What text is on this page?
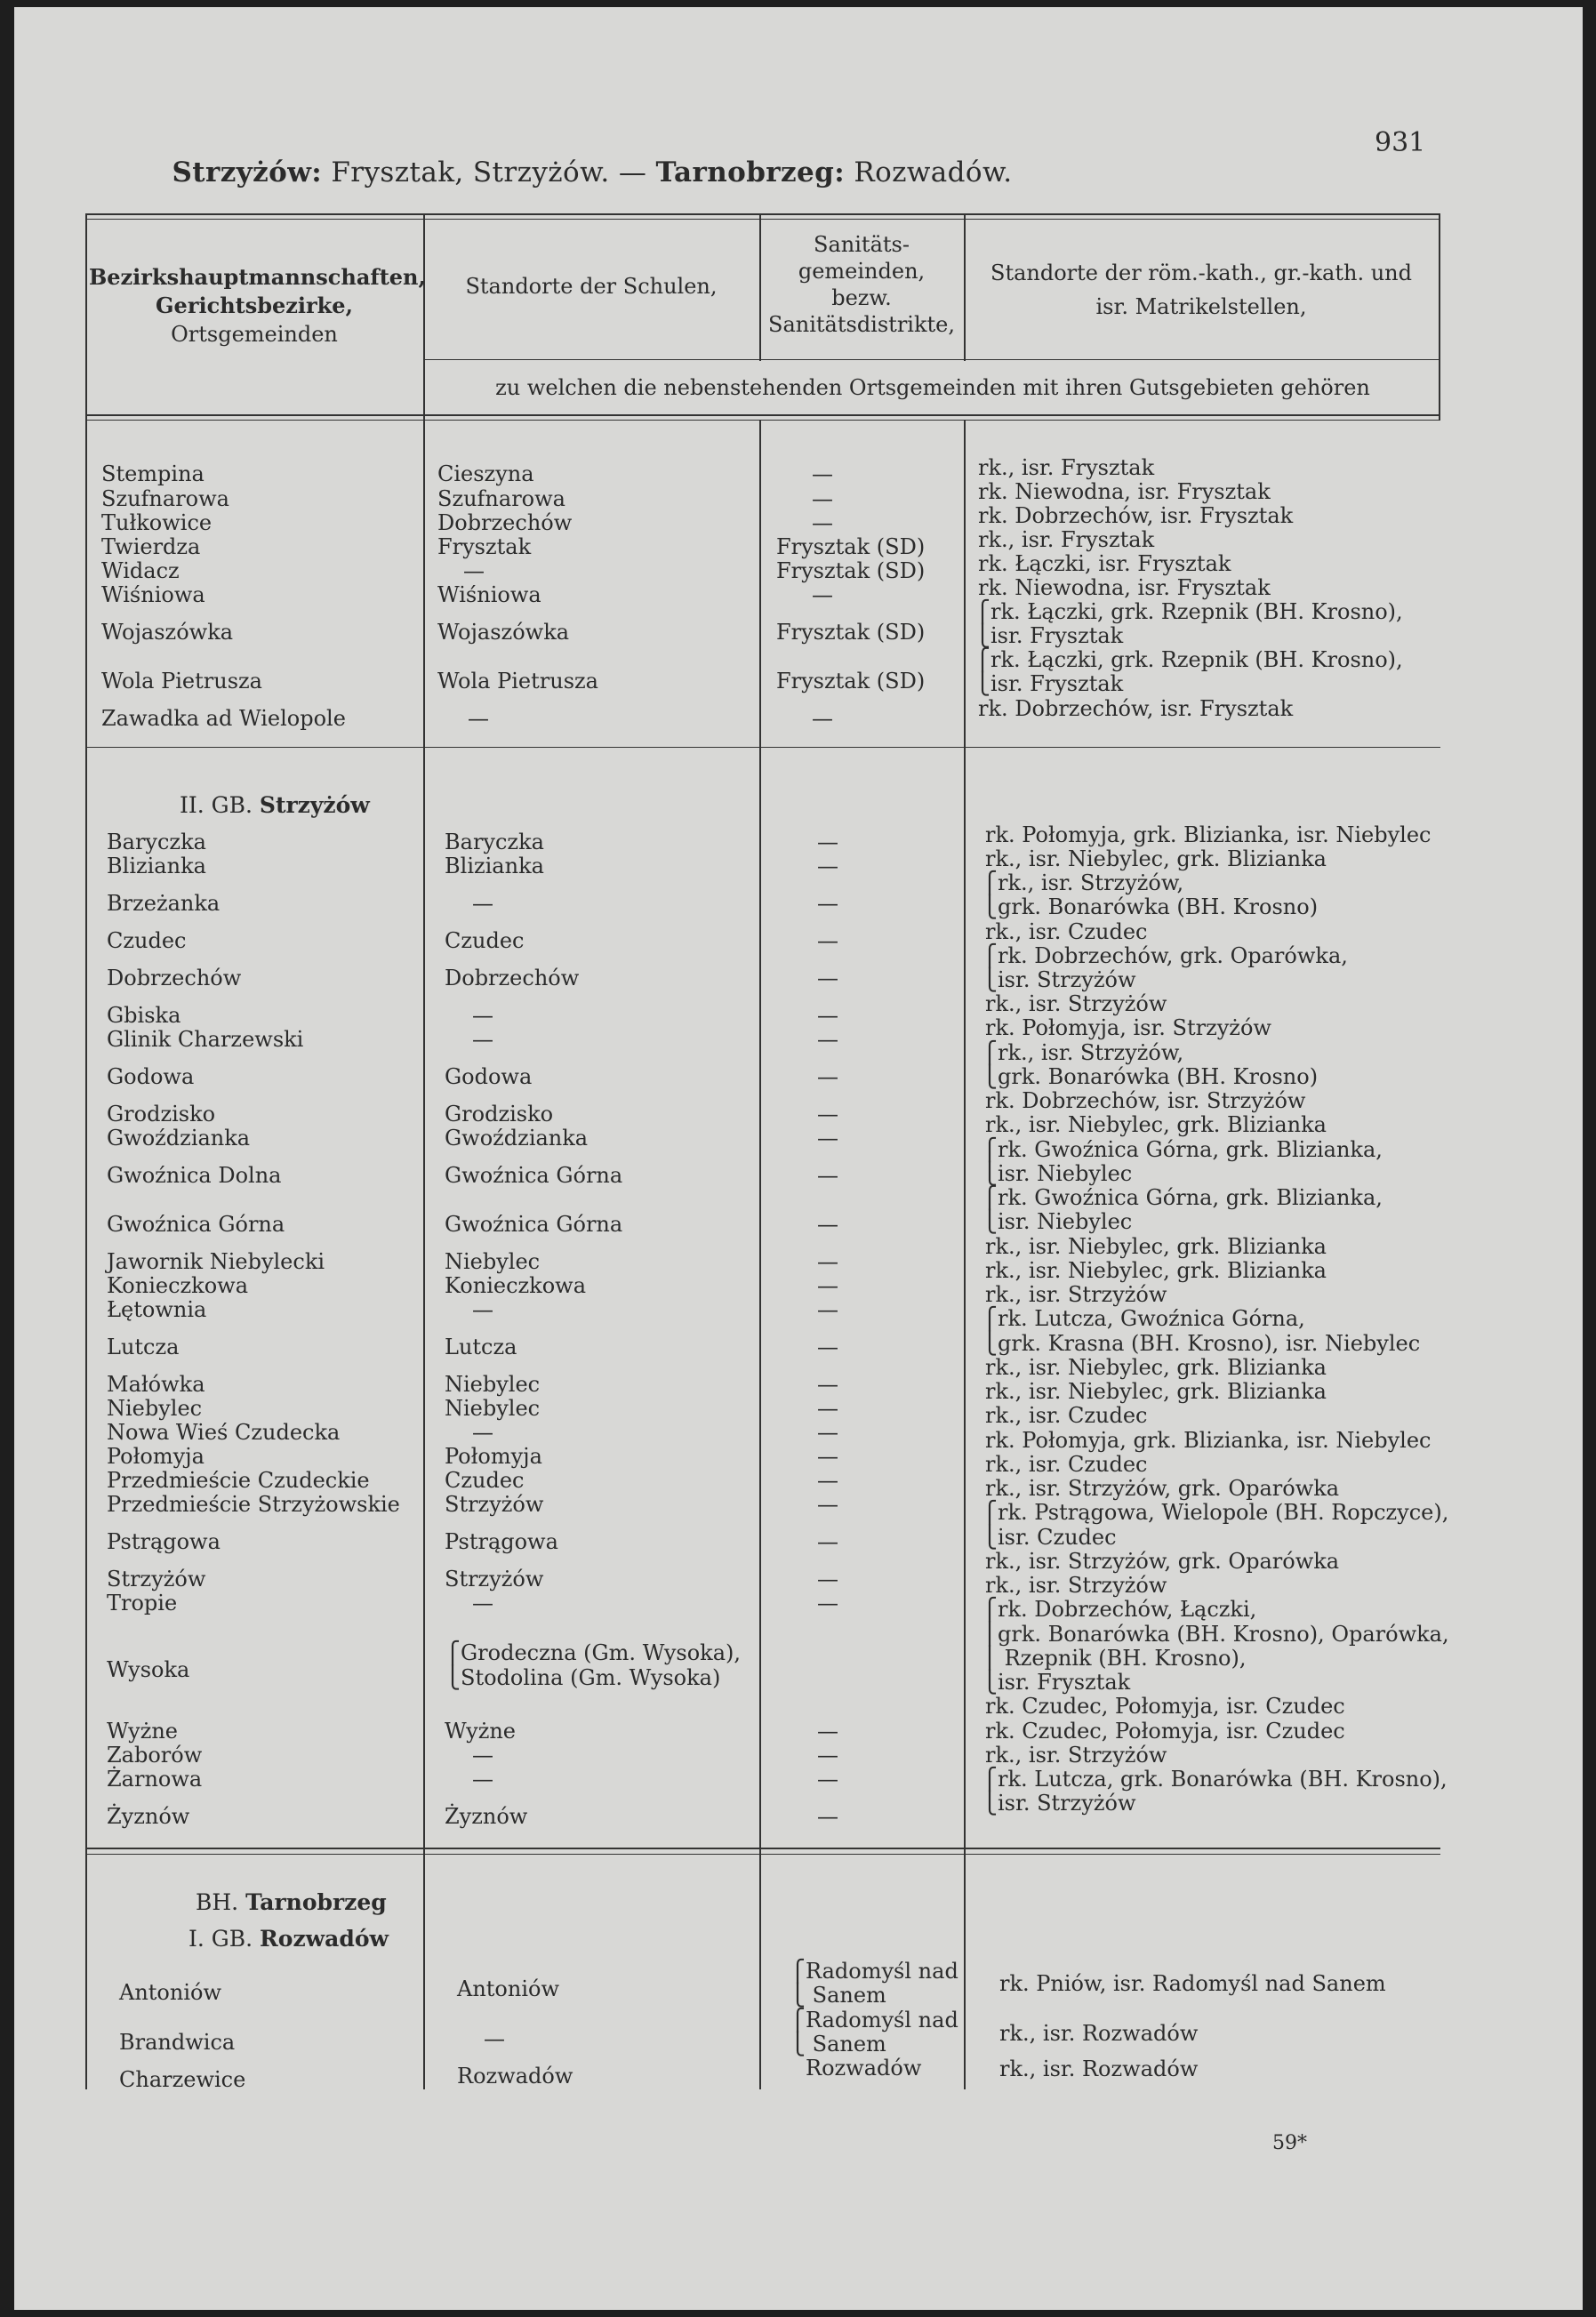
931
Strzyżów: Frysztak, Strzyżów. — Tarnobrzeg: Rozwadów.
Bezirkshauptmannschaften,
Gerichtsbezirke,
Ortsgemeinden
Standorte der Schulen,
Sanitäts-
gemeinden,
bezw.
Sanitätsdistrikte,
Standorte der röm.-kath., gr.-kath. und
isr. Matrikelstellen,
zu welchen die nebenstehenden Ortsgemeinden mit ihren Gutsgebieten gehören
II. GB. Strzyżów
BH. Tarnobrzeg
I. GB. Rozwadów
Stempina
Szufnarowa
Tułkowice
Twierdza
Widacz
Wiśniowa
Wojaszówka
Wola Pietrusza
Zawadka ad Wielopole
Baryczka
Blizianka
Brzeżanka
Czudec
Dobrzechów
Gbiska
Glinik Charzewski
Godowa
Grodzisko
Gwoździanka
Gwoźnica Dolna
Gwoźnica Górna
Jawornik Niebylecki
Konieczkowa
Łętownia
Lutcza
Małówka
Niebylec
Nowa Wieś Czudecka
Połomyja
Przedmieście Czudeckie
Przedmieście Strzyżowskie
Pstrągowa
Strzyżów
Tropie
Wysoka
Wyżne
Zaborów
Żarnowa
Żyznów
Antoniów
Brandwica
Charzewice
Cieszyna
Szufnarowa
Dobrzechów
Frysztak
—
Wiśniowa
Wojaszówka
Wola Pietrusza
—
Baryczka
Blizianka
—
Czudec
Dobrzechów
—
—
Godowa
Grodzisko
Gwoździanka
Gwoźnica Górna
Gwoźnica Górna
Niebylec
Konieczkowa
—
Lutcza
Niebylec
Niebylec
—
Połomyja
Czudec
Strzyżów
Pstrągowa
Strzyżów
—
⎧Grodeczna (Gm. Wysoka),
⎩Stodolina (Gm. Wysoka)
Wyżne
—
—
Żyznów
Antoniów
—
Rozwadów
—
—
—
Frysztak (SD)
Frysztak (SD)
—
Frysztak (SD)
Frysztak (SD)
—
—
—
—
—
—
—
—
—
—
—
—
—
—
—
—
—
—
—
—
—
—
—
—
—
—
—
—
—
—
⎧Radomyśl nad
⎩ Sanem
⎧Radomyśl nad
⎩ Sanem
Rozwadów
rk., isr. Frysztak
rk. Niewodna, isr. Frysztak
rk. Dobrzechów, isr. Frysztak
rk., isr. Frysztak
rk. Łączki, isr. Frysztak
rk. Niewodna, isr. Frysztak
⎧rk. Łączki, grk. Rzepnik (BH. Krosno),
⎩isr. Frysztak
⎧rk. Łączki, grk. Rzepnik (BH. Krosno),
⎩isr. Frysztak
rk. Dobrzechów, isr. Frysztak
rk. Połomyja, grk. Blizianka, isr. Niebylec
rk., isr. Niebylec, grk. Blizianka
⎧rk., isr. Strzyżów,
⎩grk. Bonarówka (BH. Krosno)
rk., isr. Czudec
⎧rk. Dobrzechów, grk. Oparówka,
⎩isr. Strzyżów
rk., isr. Strzyżów
rk. Połomyja, isr. Strzyżów
⎧rk., isr. Strzyżów,
⎩grk. Bonarówka (BH. Krosno)
rk. Dobrzechów, isr. Strzyżów
rk., isr. Niebylec, grk. Blizianka
⎧rk. Gwoźnica Górna, grk. Blizianka,
⎩isr. Niebylec
⎧rk. Gwoźnica Górna, grk. Blizianka,
⎩isr. Niebylec
rk., isr. Niebylec, grk. Blizianka
rk., isr. Niebylec, grk. Blizianka
rk., isr. Strzyżów
⎧rk. Lutcza, Gwoźnica Górna,
⎩grk. Krasna (BH. Krosno), isr. Niebylec
rk., isr. Niebylec, grk. Blizianka
rk., isr. Niebylec, grk. Blizianka
rk., isr. Czudec
rk. Połomyja, grk. Blizianka, isr. Niebylec
rk., isr. Czudec
rk., isr. Strzyżów, grk. Oparówka
⎧rk. Pstrągowa, Wielopole (BH. Ropczyce),
⎩isr. Czudec
rk., isr. Strzyżów, grk. Oparówka
rk., isr. Strzyżów
⎧rk. Dobrzechów, Łączki,
⎪grk. Bonarówka (BH. Krosno), Oparówka,
⎪ Rzepnik (BH. Krosno),
⎩isr. Frysztak
rk. Czudec, Połomyja, isr. Czudec
rk. Czudec, Połomyja, isr. Czudec
rk., isr. Strzyżów
⎧rk. Lutcza, grk. Bonarówka (BH. Krosno),
⎩isr. Strzyżów
rk. Pniów, isr. Radomyśl nad Sanem
rk., isr. Rozwadów
rk., isr. Rozwadów
59*
